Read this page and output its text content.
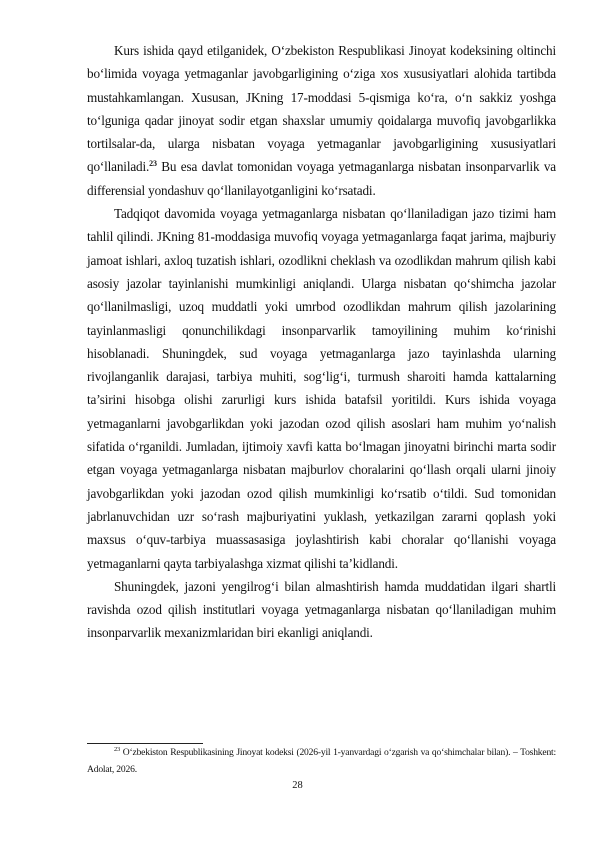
Kurs ishida qayd etilganidek, O‘zbekiston Respublikasi Jinoyat kodeksining oltinchi bo‘limida voyaga yetmaganlar javobgarligining o‘ziga xos xususiyatlari alohida tartibda mustahkamlangan. Xususan, JKning 17-moddasi 5-qismiga ko‘ra, o‘n sakkiz yoshga to‘lguniga qadar jinoyat sodir etgan shaxslar umumiy qoidalarga muvofiq javobgarlikka tortilsalar-da, ularga nisbatan voyaga yetmaganlar javobgarligining xususiyatlari qo‘llaniladi.$^{23}$ Bu esa davlat tomonidan voyaga yetmaganlarga nisbatan insonparvarlik va differensial yondashuv qo‘llanilayotganligini ko‘rsatadi.

Tadqiqot davomida voyaga yetmaganlarga nisbatan qo‘llaniladigan jazo tizimi ham tahlil qilindi. JKning 81-moddasiga muvofiq voyaga yetmaganlarga faqat jarima, majburiy jamoat ishlari, axloq tuzatish ishlari, ozodlikni cheklash va ozodlikdan mahrum qilish kabi asosiy jazolar tayinlanishi mumkinligi aniqlandi. Ularga nisbatan qo‘shimcha jazolar qo‘llanilmasligi, uzoq muddatli yoki umrbod ozodlikdan mahrum qilish jazolarining tayinlanmasligi qonunchilikdagi insonparvarlik tamoyilining muhim ko‘rinishi hisoblanadi. Shuningdek, sud voyaga yetmaganlarga jazo tayinlashda ularning rivojlanganlik darajasi, tarbiya muhiti, sog‘lig‘i, turmush sharoiti hamda kattalarning ta’sirini hisobga olishi zarurligi kurs ishida batafsil yoritildi. Kurs ishida voyaga yetmaganlarni javobgarlikdan yoki jazodan ozod qilish asoslari ham muhim yo‘nalish sifatida o‘rganildi. Jumladan, ijtimoiy xavfi katta bo‘lmagan jinoyatni birinchi marta sodir etgan voyaga yetmaganlarga nisbatan majburlov choralarini qo‘llash orqali ularni jinoiy javobgarlikdan yoki jazodan ozod qilish mumkinligi ko‘rsatib o‘tildi. Sud tomonidan jabrlanuvchidan uzr so‘rash majburiyatini yuklash, yetkazilgan zararni qoplash yoki maxsus o‘quv-tarbiya muassasasiga joylashtirish kabi choralar qo‘llanishi voyaga yetmaganlarni qayta tarbiyalashga xizmat qilishi ta’kidlandi.

Shuningdek, jazoni yengilrog‘i bilan almashtirish hamda muddatidan ilgari shartli ravishda ozod qilish institutlari voyaga yetmaganlarga nisbatan qo‘llaniladigan muhim insonparvarlik mexanizmlaridan biri ekanligi aniqlandi.

$^{23}$ O‘zbekiston Respublikasining Jinoyat kodeksi (2026-yil 1-yanvardagi o‘zgarish va qo‘shimchalar bilan). – Toshkent: Adolat, 2026.
28
